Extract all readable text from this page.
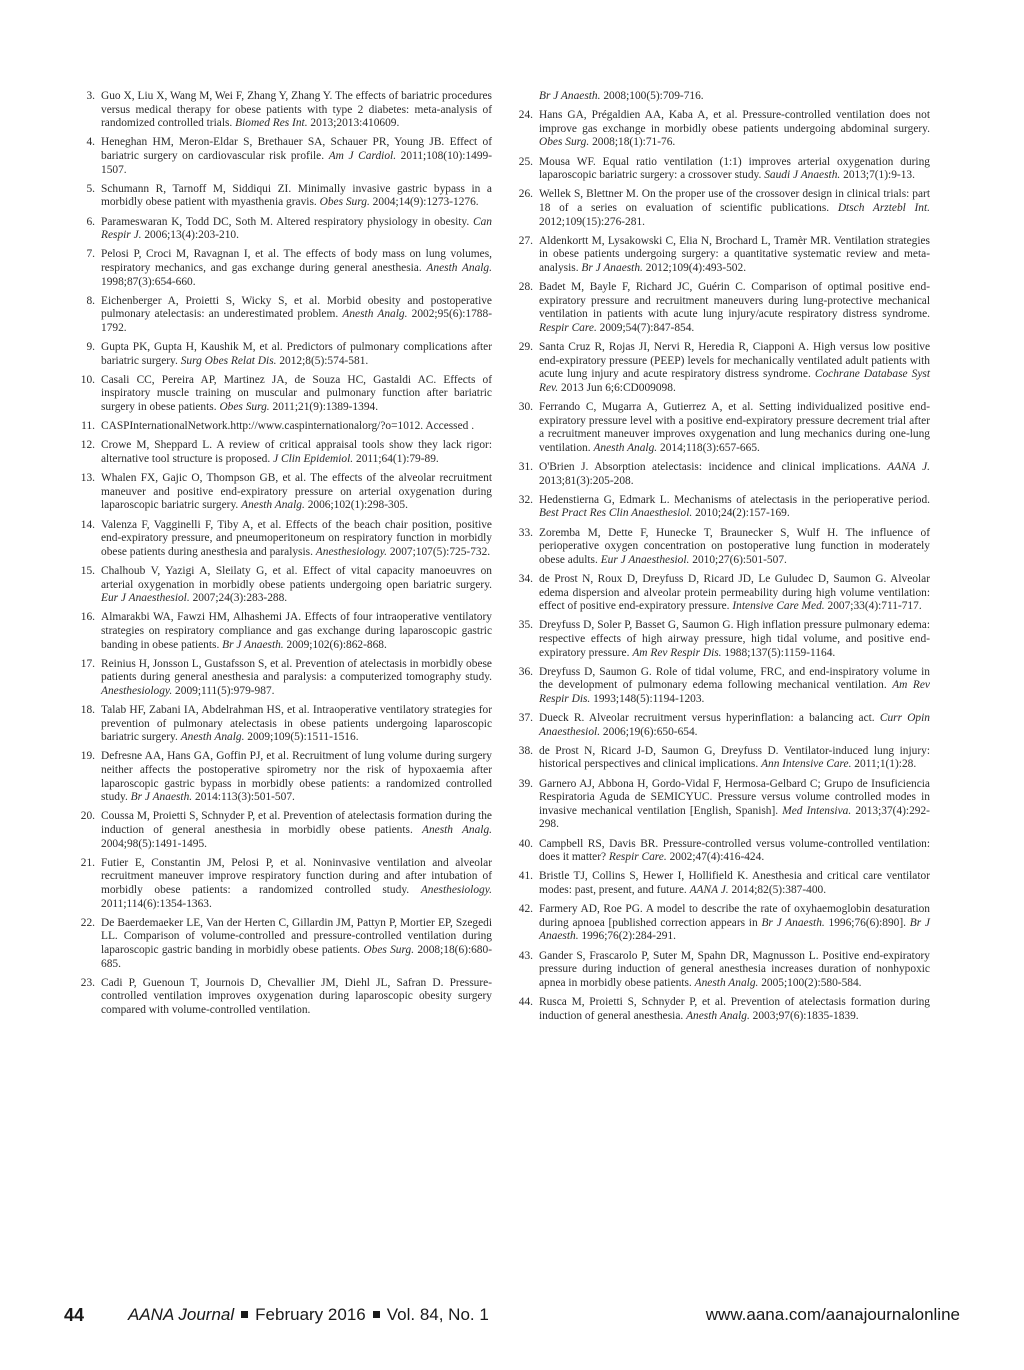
3. Guo X, Liu X, Wang M, Wei F, Zhang Y, Zhang Y. The effects of bariatric procedures versus medical therapy for obese patients with type 2 diabetes: meta-analysis of randomized controlled trials. Biomed Res Int. 2013;2013:410609.

4. Heneghan HM, Meron-Eldar S, Brethauer SA, Schauer PR, Young JB. Effect of bariatric surgery on cardiovascular risk profile. Am J Cardiol. 2011;108(10):1499-1507.

5. Schumann R, Tarnoff M, Siddiqui ZI. Minimally invasive gastric bypass in a morbidly obese patient with myasthenia gravis. Obes Surg. 2004;14(9):1273-1276.

6. Parameswaran K, Todd DC, Soth M. Altered respiratory physiology in obesity. Can Respir J. 2006;13(4):203-210.

7. Pelosi P, Croci M, Ravagnan I, et al. The effects of body mass on lung volumes, respiratory mechanics, and gas exchange during general anesthesia. Anesth Analg. 1998;87(3):654-660.

8. Eichenberger A, Proietti S, Wicky S, et al. Morbid obesity and postoperative pulmonary atelectasis: an underestimated problem. Anesth Analg. 2002;95(6):1788-1792.

9. Gupta PK, Gupta H, Kaushik M, et al. Predictors of pulmonary complications after bariatric surgery. Surg Obes Relat Dis. 2012;8(5):574-581.

10. Casali CC, Pereira AP, Martinez JA, de Souza HC, Gastaldi AC. Effects of inspiratory muscle training on muscular and pulmonary function after bariatric surgery in obese patients. Obes Surg. 2011;21(9):1389-1394.

11. CASPInternationalNetwork.http://www.caspinternationalorg/?o=1012. Accessed .

12. Crowe M, Sheppard L. A review of critical appraisal tools show they lack rigor: alternative tool structure is proposed. J Clin Epidemiol. 2011;64(1):79-89.

13. Whalen FX, Gajic O, Thompson GB, et al. The effects of the alveolar recruitment maneuver and positive end-expiratory pressure on arterial oxygenation during laparoscopic bariatric surgery. Anesth Analg. 2006;102(1):298-305.

14. Valenza F, Vagginelli F, Tiby A, et al. Effects of the beach chair position, positive end-expiratory pressure, and pneumoperitoneum on respiratory function in morbidly obese patients during anesthesia and paralysis. Anesthesiology. 2007;107(5):725-732.

15. Chalhoub V, Yazigi A, Sleilaty G, et al. Effect of vital capacity manoeuvres on arterial oxygenation in morbidly obese patients undergoing open bariatric surgery. Eur J Anaesthesiol. 2007;24(3):283-288.

16. Almarakbi WA, Fawzi HM, Alhashemi JA. Effects of four intraoperative ventilatory strategies on respiratory compliance and gas exchange during laparoscopic gastric banding in obese patients. Br J Anaesth. 2009;102(6):862-868.

17. Reinius H, Jonsson L, Gustafsson S, et al. Prevention of atelectasis in morbidly obese patients during general anesthesia and paralysis: a computerized tomography study. Anesthesiology. 2009;111(5):979-987.

18. Talab HF, Zabani IA, Abdelrahman HS, et al. Intraoperative ventilatory strategies for prevention of pulmonary atelectasis in obese patients undergoing laparoscopic bariatric surgery. Anesth Analg. 2009;109(5):1511-1516.

19. Defresne AA, Hans GA, Goffin PJ, et al. Recruitment of lung volume during surgery neither affects the postoperative spirometry nor the risk of hypoxaemia after laparoscopic gastric bypass in morbidly obese patients: a randomized controlled study. Br J Anaesth. 2014:113(3):501-507.

20. Coussa M, Proietti S, Schnyder P, et al. Prevention of atelectasis formation during the induction of general anesthesia in morbidly obese patients. Anesth Analg. 2004;98(5):1491-1495.

21. Futier E, Constantin JM, Pelosi P, et al. Noninvasive ventilation and alveolar recruitment maneuver improve respiratory function during and after intubation of morbidly obese patients: a randomized controlled study. Anesthesiology. 2011;114(6):1354-1363.

22. De Baerdemaeker LE, Van der Herten C, Gillardin JM, Pattyn P, Mortier EP, Szegedi LL. Comparison of volume-controlled and pressure-controlled ventilation during laparoscopic gastric banding in morbidly obese patients. Obes Surg. 2008;18(6):680-685.

23. Cadi P, Guenoun T, Journois D, Chevallier JM, Diehl JL, Safran D. Pressure-controlled ventilation improves oxygenation during laparoscopic obesity surgery compared with volume-controlled ventilation.

Br J Anaesth. 2008;100(5):709-716.

24. Hans GA, Prégaldien AA, Kaba A, et al. Pressure-controlled ventilation does not improve gas exchange in morbidly obese patients undergoing abdominal surgery. Obes Surg. 2008;18(1):71-76.

25. Mousa WF. Equal ratio ventilation (1:1) improves arterial oxygenation during laparoscopic bariatric surgery: a crossover study. Saudi J Anaesth. 2013;7(1):9-13.

26. Wellek S, Blettner M. On the proper use of the crossover design in clinical trials: part 18 of a series on evaluation of scientific publications. Dtsch Arztebl Int. 2012;109(15):276-281.

27. Aldenkortt M, Lysakowski C, Elia N, Brochard L, Tramèr MR. Ventilation strategies in obese patients undergoing surgery: a quantitative systematic review and meta-analysis. Br J Anaesth. 2012;109(4):493-502.

28. Badet M, Bayle F, Richard JC, Guérin C. Comparison of optimal positive end-expiratory pressure and recruitment maneuvers during lung-protective mechanical ventilation in patients with acute lung injury/acute respiratory distress syndrome. Respir Care. 2009;54(7):847-854.

29. Santa Cruz R, Rojas JI, Nervi R, Heredia R, Ciapponi A. High versus low positive end-expiratory pressure (PEEP) levels for mechanically ventilated adult patients with acute lung injury and acute respiratory distress syndrome. Cochrane Database Syst Rev. 2013 Jun 6;6:CD009098.

30. Ferrando C, Mugarra A, Gutierrez A, et al. Setting individualized positive end-expiratory pressure level with a positive end-expiratory pressure decrement trial after a recruitment maneuver improves oxygenation and lung mechanics during one-lung ventilation. Anesth Analg. 2014;118(3):657-665.

31. O'Brien J. Absorption atelectasis: incidence and clinical implications. AANA J. 2013;81(3):205-208.

32. Hedenstierna G, Edmark L. Mechanisms of atelectasis in the perioperative period. Best Pract Res Clin Anaesthesiol. 2010;24(2):157-169.

33. Zoremba M, Dette F, Hunecke T, Braunecker S, Wulf H. The influence of perioperative oxygen concentration on postoperative lung function in moderately obese adults. Eur J Anaesthesiol. 2010;27(6):501-507.

34. de Prost N, Roux D, Dreyfuss D, Ricard JD, Le Guludec D, Saumon G. Alveolar edema dispersion and alveolar protein permeability during high volume ventilation: effect of positive end-expiratory pressure. Intensive Care Med. 2007;33(4):711-717.

35. Dreyfuss D, Soler P, Basset G, Saumon G. High inflation pressure pulmonary edema: respective effects of high airway pressure, high tidal volume, and positive end-expiratory pressure. Am Rev Respir Dis. 1988;137(5):1159-1164.

36. Dreyfuss D, Saumon G. Role of tidal volume, FRC, and end-inspiratory volume in the development of pulmonary edema following mechanical ventilation. Am Rev Respir Dis. 1993;148(5):1194-1203.

37. Dueck R. Alveolar recruitment versus hyperinflation: a balancing act. Curr Opin Anaesthesiol. 2006;19(6):650-654.

38. de Prost N, Ricard J-D, Saumon G, Dreyfuss D. Ventilator-induced lung injury: historical perspectives and clinical implications. Ann Intensive Care. 2011;1(1):28.

39. Garnero AJ, Abbona H, Gordo-Vidal F, Hermosa-Gelbard C; Grupo de Insuficiencia Respiratoria Aguda de SEMICYUC. Pressure versus volume controlled modes in invasive mechanical ventilation [English, Spanish]. Med Intensiva. 2013;37(4):292-298.

40. Campbell RS, Davis BR. Pressure-controlled versus volume-controlled ventilation: does it matter? Respir Care. 2002;47(4):416-424.

41. Bristle TJ, Collins S, Hewer I, Hollifield K. Anesthesia and critical care ventilator modes: past, present, and future. AANA J. 2014;82(5):387-400.

42. Farmery AD, Roe PG. A model to describe the rate of oxyhaemoglobin desaturation during apnoea [published correction appears in Br J Anaesth. 1996;76(6):890]. Br J Anaesth. 1996;76(2):284-291.

43. Gander S, Frascarolo P, Suter M, Spahn DR, Magnusson L. Positive end-expiratory pressure during induction of general anesthesia increases duration of nonhypoxic apnea in morbidly obese patients. Anesth Analg. 2005;100(2):580-584.

44. Rusca M, Proietti S, Schnyder P, et al. Prevention of atelectasis formation during induction of general anesthesia. Anesth Analg. 2003;97(6):1835-1839.

44	AANA Journal February 2016 Vol. 84, No. 1	www.aana.com/aanajournalonline
